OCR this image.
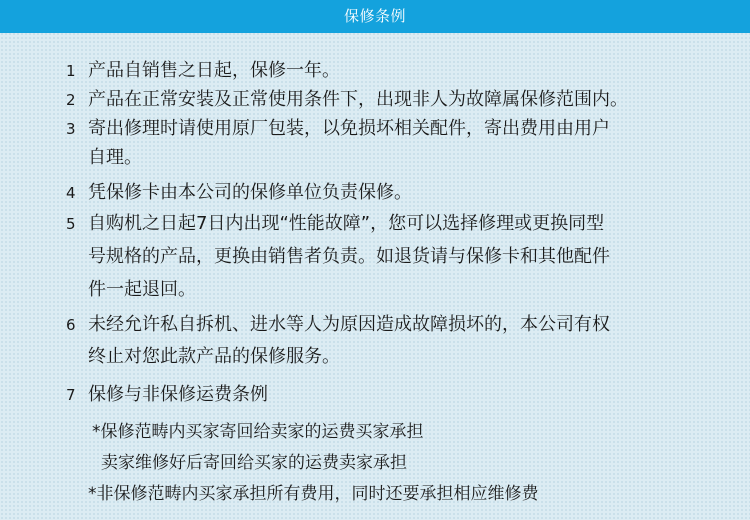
保修条例
1 产品自销售之日起，保修一年。
2 产品在正常安装及正常使用条件下，出现非人为故障属保修范围内。
3 寄出修理时请使用原厂包装，以免损坏相关配件，寄出费用由用户
自理。
4 凭保修卡由本公司的保修单位负责保修。
5 自购机之日起7日内出现“性能故障”，您可以选择修理或更换同型
号规格的产品，更换由销售者负责。如退货请与保修卡和其他配件
件一起退回。
6 未经允许私自拆机、进水等人为原因造成故障损坏的，本公司有权
终止对您此款产品的保修服务。
7 保修与非保修运费条例
*保修范畴内买家寄回给卖家的运费买家承担
卖家维修好后寄回给买家的运费卖家承担
*非保修范畴内买家承担所有费用，同时还要承担相应维修费
